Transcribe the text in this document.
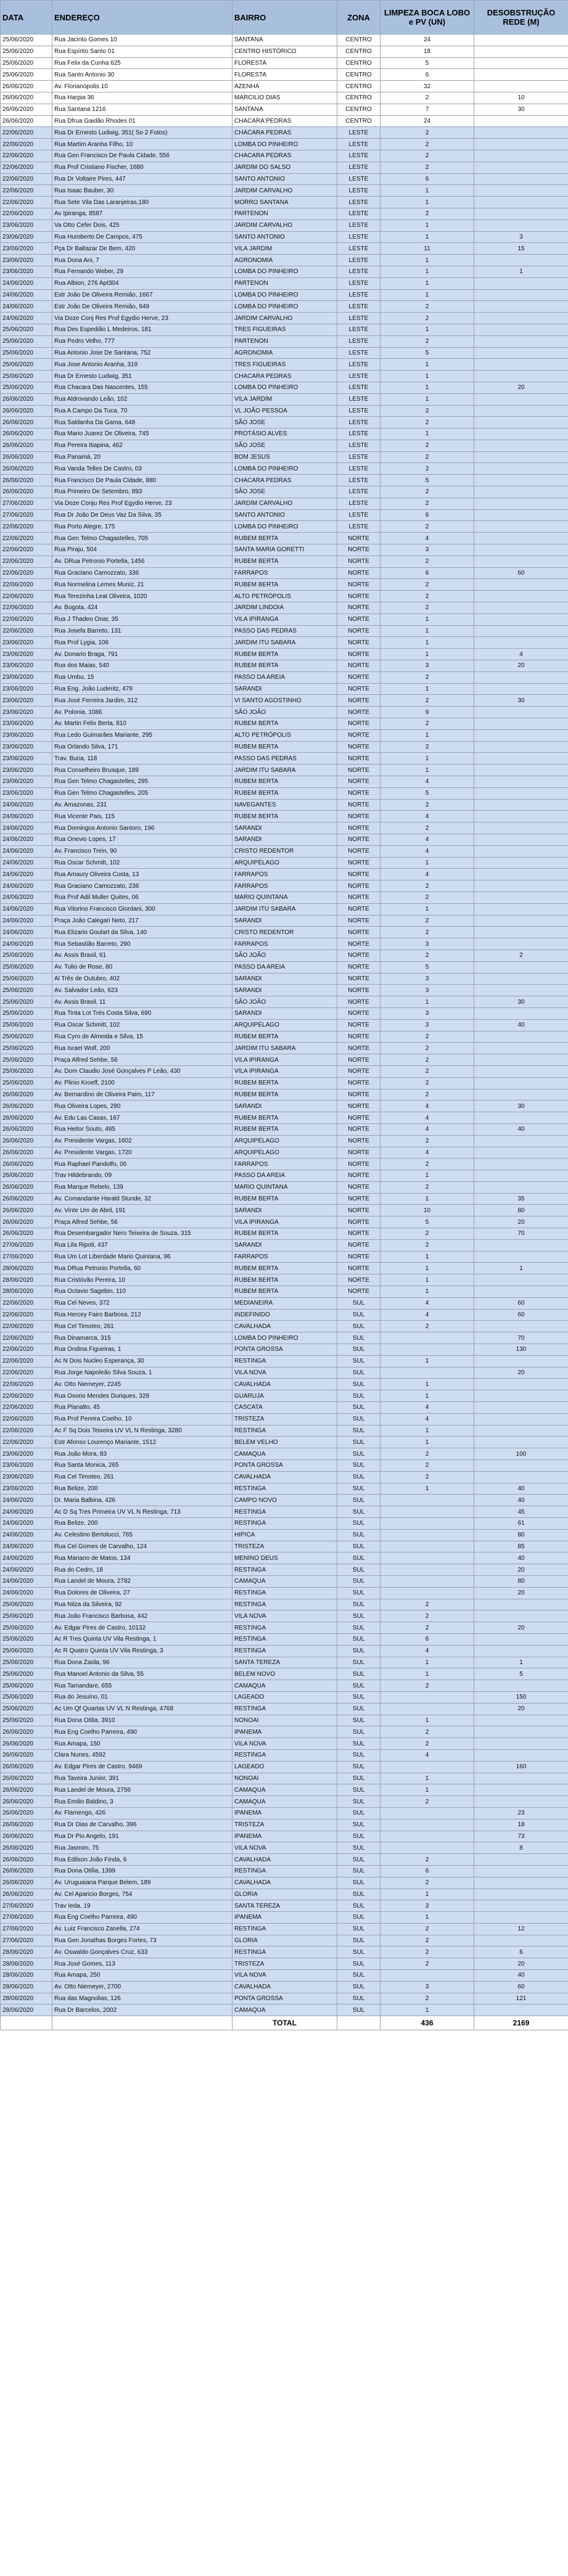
DATA	ENDEREÇO	BAIRRO	ZONA	LIMPEZA BOCA LOBO e PV (UN)	DESOBSTRUÇÃO REDE (M)
25/06/2020	Rua Jacinto Gomes 10	SANTANA	CENTRO	24	
25/06/2020	Rua Espírito Santo 01	CENTRO HISTÓRICO	CENTRO	18	
25/06/2020	Rua Felix da Cunha 625	FLORESTA	CENTRO	5	
25/06/2020	Rua Santo Antonio 30	FLORESTA	CENTRO	6	
26/06/2020	Av. Florianópolis 10	AZENHA	CENTRO	32	
26/06/2020	Rua Harpia 36	MARCILIO DIAS	CENTRO	2	10
26/06/2020	Rua Santana 1216	SANTANA	CENTRO	7	30
26/06/2020	Rua Dfrua Gaidão Rhodes 01	CHACARA PEDRAS	CENTRO	24	
22/06/2020	Rua Dr Ernesto Ludwig, 351( So 2 Fotos)	CHACARA PEDRAS	LESTE	2	
22/06/2020	Rua Martim Aranha Filho, 10	LOMBA DO PINHEIRO	LESTE	2	
22/06/2020	Rua Gen Francisco De Paula Cidade, 556	CHACARA PEDRAS	LESTE	2	
22/06/2020	Rua Prof Cristiano Fischer, 1680	JARDIM DO SALSO	LESTE	2	
22/06/2020	Rua Dr Voltaire Pires, 447	SANTO ANTONIO	LESTE	6	
22/06/2020	Rua Isaac Bauber, 30	JARDIM CARVALHO	LESTE	1	
22/06/2020	Rua Sete Vila Das Laranjeiras,180	MORRO SANTANA	LESTE	1	
22/06/2020	Av Ipiranga, 8587	PARTENON	LESTE	2	
23/06/2020	Va Otto Cefer Dois, 425	JARDIM CARVALHO	LESTE	1	
23/06/2020	Rua Humberto De Campos, 475	SANTO ANTONIO	LESTE	1	3
23/06/2020	Pça Dr Baltazar De Bem, 420	VILA JARDIM	LESTE	11	15
23/06/2020	Rua Dona Ani, 7	AGRONOMIA	LESTE	1	
23/06/2020	Rua Fernando Weber, 29	LOMBA DO PINHEIRO	LESTE	1	1
24/06/2020	Rua Albion, 276 Apt304	PARTENON	LESTE	1	
24/06/2020	Estr João De Oliveira Remião, 1667	LOMBA DO PINHEIRO	LESTE	1	
24/06/2020	Estr João De Oliveira Remião, 949	LOMBA DO PINHEIRO	LESTE	2	
24/06/2020	Via Doze Conj Res Prof Egydio Herve, 23	JARDIM CARVALHO	LESTE	2	
25/06/2020	Rua Des Espedião L Medeiros, 181	TRES FIGUEIRAS	LESTE	1	
25/06/2020	Rua Pedro Velho, 777	PARTENON	LESTE	2	
25/06/2020	Rua Antonio Jose De Santana, 752	AGRONOMIA	LESTE	5	
25/06/2020	Rua Jose Antonio Aranha, 319	TRES FIGUEIRAS	LESTE	1	
25/06/2020	Rua Dr Ernesto Ludwig, 351	CHACARA PEDRAS	LESTE	1	
25/06/2020	Rua Chacara Das Nascentes, 155	LOMBA DO PINHEIRO	LESTE	1	20
26/06/2020	Rua Aldrovando Leão, 102	VILA JARDIM	LESTE	1	
26/06/2020	Rua A Campo Da Tuca, 70	VL JOÃO PESSOA	LESTE	2	
26/06/2020	Rua Saldanha Da Gama, 648	SÃO JOSE	LESTE	2	
26/06/2020	Rua Mario Juarez De Oliveira, 745	PROTÁSIO ALVES	LESTE	1	
26/06/2020	Rua Pereira Itiapina, 462	SÃO JOSE	LESTE	2	
26/06/2020	Rua Panamá, 20	BOM JESUS	LESTE	2	
26/06/2020	Rua Vanda Telles De Castro, 03	LOMBA DO PINHEIRO	LESTE	2	
26/06/2020	Rua Francisco De Paula Cidade, 880	CHACARA PEDRAS	LESTE	5	
26/06/2020	Rua Primeiro De Setembro, 893	SÃO JOSE	LESTE	2	
27/06/2020	Via Doze Conju Res Prof Egydio Herve, 23	JARDIM CARVALHO	LESTE	2	
27/06/2020	Rua Dr João De Deus Vaz Da Silva, 35	SANTO ANTONIO	LESTE	6	
22/06/2020	Rua Porto Alegre, 175	LOMBA DO PINHEIRO	LESTE	2	
22/06/2020	Rua Gen Telmo Chagastelles, 705	RUBEM BERTA	NORTE	4	
22/06/2020	Rua Piraju, 504	SANTA MARIA GORETTI	NORTE	3	
22/06/2020	Av. DRua Petronio Portella, 1456	RUBEM BERTA	NORTE	2	
22/06/2020	Rua Graciano Camozzato, 336	FARRAPOS	NORTE	6	60
22/06/2020	Rua Normelina Lemes Muniz, 21	RUBEM BERTA	NORTE	2	
22/06/2020	Rua Terezinha Leal Oliveira, 1020	ALTO PETRÓPOLIS	NORTE	2	
22/06/2020	Av. Bogota, 424	JARDIM LINDOIA	NORTE	2	
22/06/2020	Rua J Thadeo Onar, 35	VILA IPIRANGA	NORTE	1	
22/06/2020	Rua Josefa Barreto, 131	PASSO DAS PEDRAS	NORTE	1	
23/06/2020	Rua Prof Lygia, 106	JARDIM ITU SABARA	NORTE	1	
23/06/2020	Av. Donario Braga, 791	RUBEM BERTA	NORTE	1	4
23/06/2020	Rua dos Maias, 540	RUBEM BERTA	NORTE	3	20
23/06/2020	Rua Umbu, 15	PASSO DA AREIA	NORTE	2	
23/06/2020	Rua Eng. João Luderitz, 478	SARANDI	NORTE	1	
23/06/2020	Rua José Ferreira Jardim, 312	VI SANTO AGOSTINHO	NORTE	2	30
23/06/2020	Av. Polonia, 1086	SÃO JOÃO	NORTE	9	
23/06/2020	Av. Martin Felix Berta, 810	RUBEM BERTA	NORTE	2	
23/06/2020	Rua Ledo Guimarães Mariante, 295	ALTO PETRÓPOLIS	NORTE	1	
23/06/2020	Rua Orlando Silva, 171	RUBEM BERTA	NORTE	2	
23/06/2020	Trav. Buria, 118	PASSO DAS PEDRAS	NORTE	1	
23/06/2020	Rua Conselheiro Brusque, 189	JARDIM ITU SABARA	NORTE	1	
23/06/2020	Rua Gen Telmo Chagastelles, 295	RUBEM BERTA	NORTE	4	
23/06/2020	Rua Gen Telmo Chagastelles, 205	RUBEM BERTA	NORTE	5	
24/06/2020	Av. Amazonas, 231	NAVEGANTES	NORTE	2	
24/06/2020	Rua Vicente Pais, 115	RUBEM BERTA	NORTE	4	
24/06/2020	Rua Domingos Antonio Santoro, 196	SARANDI	NORTE	2	
24/06/2020	Rua Onevio Lopes, 17	SARANDI	NORTE	4	
24/06/2020	Av. Francisco Trein, 90	CRISTO REDENTOR	NORTE	4	
24/06/2020	Rua Oscar Schmitt, 102	ARQUIPÉLAGO	NORTE	1	
24/06/2020	Rua Amaury Oliveira Costa, 13	FARRAPOS	NORTE	4	
24/06/2020	Rua Graciano Camozzato, 236	FARRAPOS	NORTE	2	
24/06/2020	Rua Prof Adil Muller Quites, 06	MARIO QUINTANA	NORTE	2	
24/06/2020	Rua Vitorino Francisco Giordani, 300	JARDIM ITU SABARA	NORTE	1	
24/06/2020	Praça João Calegari Neto, 217	SARANDI	NORTE	2	
24/06/2020	Rua Elizario Goulart da Silva, 140	CRISTO REDENTOR	NORTE	2	
24/06/2020	Rua Sebastião Barreto, 290	FARRAPOS	NORTE	3	
25/06/2020	Av. Assis Brasil, 61	SÃO JOÃO	NORTE	2	2
25/06/2020	Av. Tulio de Rose, 80	PASSO DA AREIA	NORTE	5	
25/06/2020	Al Três de Outubro, 402	SARANDI	NORTE	3	
25/06/2020	Av. Salvador Leão, 623	SARANDI	NORTE	3	
25/06/2020	Av. Assis Brasil, 11	SÃO JOÃO	NORTE	1	30
25/06/2020	Rua Tinta Lot Trés Costa Silva, 690	SARANDI	NORTE	3	
25/06/2020	Rua Oscar Schmitt, 102	ARQUIPÉLAGO	NORTE	3	40
25/06/2020	Rua Cyro de Almeida e Silva, 15	RUBEM BERTA	NORTE	2	
25/06/2020	Rua Israel Wolf, 200	JARDIM ITU SABARA	NORTE	2	
25/06/2020	Praça Alfred Sehbe, 56	VILA IPIRANGA	NORTE	2	
25/06/2020	Av. Dom Claudio José Gonçalves P Leão, 430	VILA IPIRANGA	NORTE	2	
25/06/2020	Av. Plinio Kroeff, 2100	RUBEM BERTA	NORTE	2	
26/06/2020	Av. Bernardino de Oliveira Paim, 117	RUBEM BERTA	NORTE	2	
26/06/2020	Rua Oliveira Lopes, 290	SARANDI	NORTE	4	30
26/06/2020	Av. Edu Las Casas, 167	RUBEM BERTA	NORTE	4	
26/06/2020	Rua Heitor Souto, 485	RUBEM BERTA	NORTE	4	40
26/06/2020	Av. Presidente Vargas, 1602	ARQUIPÉLAGO	NORTE	2	
26/06/2020	Av. Presidente Vargas, 1720	ARQUIPÉLAGO	NORTE	4	
26/06/2020	Rua Raphael Pandolfo, 06	FARRAPOS	NORTE	2	
26/06/2020	Trav Hildebrando, 09	PASSO DA AREIA	NORTE	1	
26/06/2020	Rua Marque Rebelo, 139	MARIO QUINTANA	NORTE	2	
26/06/2020	Av. Comandante Harald Stunde, 32	RUBEM BERTA	NORTE	1	35
26/06/2020	Av. Vinte Um de Abril, 191	SARANDI	NORTE	10	80
26/06/2020	Praça Alfred Sehbe, 56	VILA IPIRANGA	NORTE	5	20
26/06/2020	Rua Desembargador Nero Teixeira de Souza, 315	RUBEM BERTA	NORTE	2	70
27/06/2020	Rua Lila Ripoli, 437	SARANDI	NORTE	2	
27/06/2020	Rua Um Lot Liberdade Mario Quintana, 96	FARRAPOS	NORTE	1	
28/06/2020	Rua DRua Petronio Portella, 60	RUBEM BERTA	NORTE	1	1
28/06/2020	Rua Cristóvão Pereira, 10	RUBEM BERTA	NORTE	1	
28/06/2020	Rua Octavio Sagebin, 110	RUBEM BERTA	NORTE	1	
22/06/2020	Rua Cel Neves, 372	MEDIANEIRA	SUL	4	60
22/06/2020	Rua Hercey Fairo Barbosa, 212	INDEFINIDO	SUL	4	60
22/06/2020	Rua Cel Timoteo, 261	CAVALHADA	SUL	2	
22/06/2020	Rua Dinamarca, 315	LOMBA DO PINHEIRO	SUL		70
22/06/2020	Rua Ondina Figueiras, 1	PONTA GROSSA	SUL		130
22/06/2020	Ac N Dois Nucleo Esperança, 30	RESTINGA	SUL	1	
22/06/2020	Rua Jorge Napoleão Silva Souza, 1	VILA NOVA	SUL		20
22/06/2020	Av. Otto Niemeyer, 2245	CAVALHADA	SUL	1	
22/06/2020	Rua Osorio Mendes Duriques, 329	GUARUJA	SUL	1	
22/06/2020	Rua Planalto, 45	CASCATA	SUL	4	
22/06/2020	Rua Prof Pereira Coelho, 10	TRISTEZA	SUL	4	
22/06/2020	Ac F Sq Dois Teixeira UV VL N Restinga, 3280	RESTINGA	SUL	1	
22/06/2020	Estr Afonso Lourenço Mariante, 1512	BELEM VELHO	SUL	1	
23/06/2020	Rua João Mora, 83	CAMAQUA	SUL	2	100
23/06/2020	Rua Santa Monica, 265	PONTA GROSSA	SUL	2	
23/06/2020	Rua Cel Timoteo, 261	CAVALHADA	SUL	2	
23/06/2020	Rua Belize, 200	RESTINGA	SUL	1	40
24/06/2020	Dr. Maria Balbina, 426	CAMPO NOVO	SUL		40
24/06/2020	Ac D Sq Tres Primeira UV VL N Restinga, 713	RESTINGA	SUL		45
24/06/2020	Rua Belize, 200	RESTINGA	SUL		61
24/06/2020	Av. Celestino Bertolucci, 765	HIPICA	SUL		80
24/06/2020	Rua Cel Gomes de Carvalho, 124	TRISTEZA	SUL		85
24/06/2020	Rua Mariano de Matos, 134	MENINO DEUS	SUL		40
24/06/2020	Rua do Cedro, 18	RESTINGA	SUL		20
24/06/2020	Rua Landel de Moura, 2782	CAMAQUA	SUL		80
24/06/2020	Rua Dolores de Oliveira, 27	RESTINGA	SUL		20
25/06/2020	Rua Nilza da Silveira, 92	RESTINGA	SUL	2	
25/06/2020	Rua João Francisco Barbosa, 442	VILA NOVA	SUL	2	
25/06/2020	Av. Edgar Pires de Castro, 10132	RESTINGA	SUL	2	20
25/06/2020	Ac R Tres Quinta UV Vila Restinga, 1	RESTINGA	SUL	6	
25/06/2020	Ac R Quatro Quinta UV Vila Restinga, 3	RESTINGA	SUL	4	
25/06/2020	Rua Dona Zaida, 96	SANTA TEREZA	SUL	1	1
25/06/2020	Rua Manoel Antonio da Silva, 55	BELEM NOVO	SUL	1	5
25/06/2020	Rua Tamandare, 655	CAMAQUA	SUL	2	
25/06/2020	Rua do Jesuíno, 01	LAGEADO	SUL		150
25/06/2020	Ac Um Qf Quartas UV VL N Restinga, 4768	RESTINGA	SUL		20
25/06/2020	Rua Dona Otilia, 3910	NONOAI	SUL	1	
26/06/2020	Rua Eng Coelho Parreira, 490	IPANEMA	SUL	2	
26/06/2020	Rua Amapa, 150	VILA NOVA	SUL	2	
26/06/2020	Clara Nunes, 4592	RESTINGA	SUL	4	
26/06/2020	Av. Edgar Pires de Castro, 9469	LAGEADO	SUL		160
26/06/2020	Rua Taveira Junior, 391	NONOAI	SUL	1	
26/06/2020	Rua Landel de Moura, 2756	CAMAQUA	SUL	1	
26/06/2020	Rua Emilio Baldino, 3	CAMAQUA	SUL	2	
26/06/2020	Av. Flamengo, 426	IPANEMA	SUL		23
26/06/2020	Rua Dr Dias de Carvalho, 396	TRISTEZA	SUL		18
26/06/2020	Rua Dr Pio Angelo, 191	IPANEMA	SUL		73
26/06/2020	Rua Jasmim, 75	VILA NOVA	SUL		8
26/06/2020	Rua Edilson João Finda, 6	CAVALHADA	SUL	2	
26/06/2020	Rua Dona Otília, 1399	RESTINGA	SUL	6	
26/06/2020	Av. Uruguaiana Parque Belem, 189	CAVALHADA	SUL	2	
26/06/2020	Av. Cel Aparicio Borges, 754	GLORIA	SUL	1	
27/06/2020	Trav Ieda, 19	SANTA TEREZA	SUL	3	
27/06/2020	Rua Eng Coelho Parreira, 490	IPANEMA	SUL	1	
27/06/2020	Av. Luiz Francisco Zanella, 274	RESTINGA	SUL	2	12
27/06/2020	Rua Gen Jonathas Borges Fortes, 73	GLORIA	SUL	2	
28/06/2020	Av. Oswaldo Gonçalves Cruz, 633	RESTINGA	SUL	2	6
28/06/2020	Rua José Gomes, 113	TRISTEZA	SUL	2	20
28/06/2020	Rua Amapa, 250	VILA NOVA	SUL		40
28/06/2020	Av. Otto Niemeyer, 2700	CAVALHADA	SUL	3	60
28/06/2020	Rua das Magnolias, 126	PONTA GROSSA	SUL	2	121
28/06/2020	Rua Dr Barcelos, 2002	CAMAQUA	SUL	1	
		TOTAL		436	2169
